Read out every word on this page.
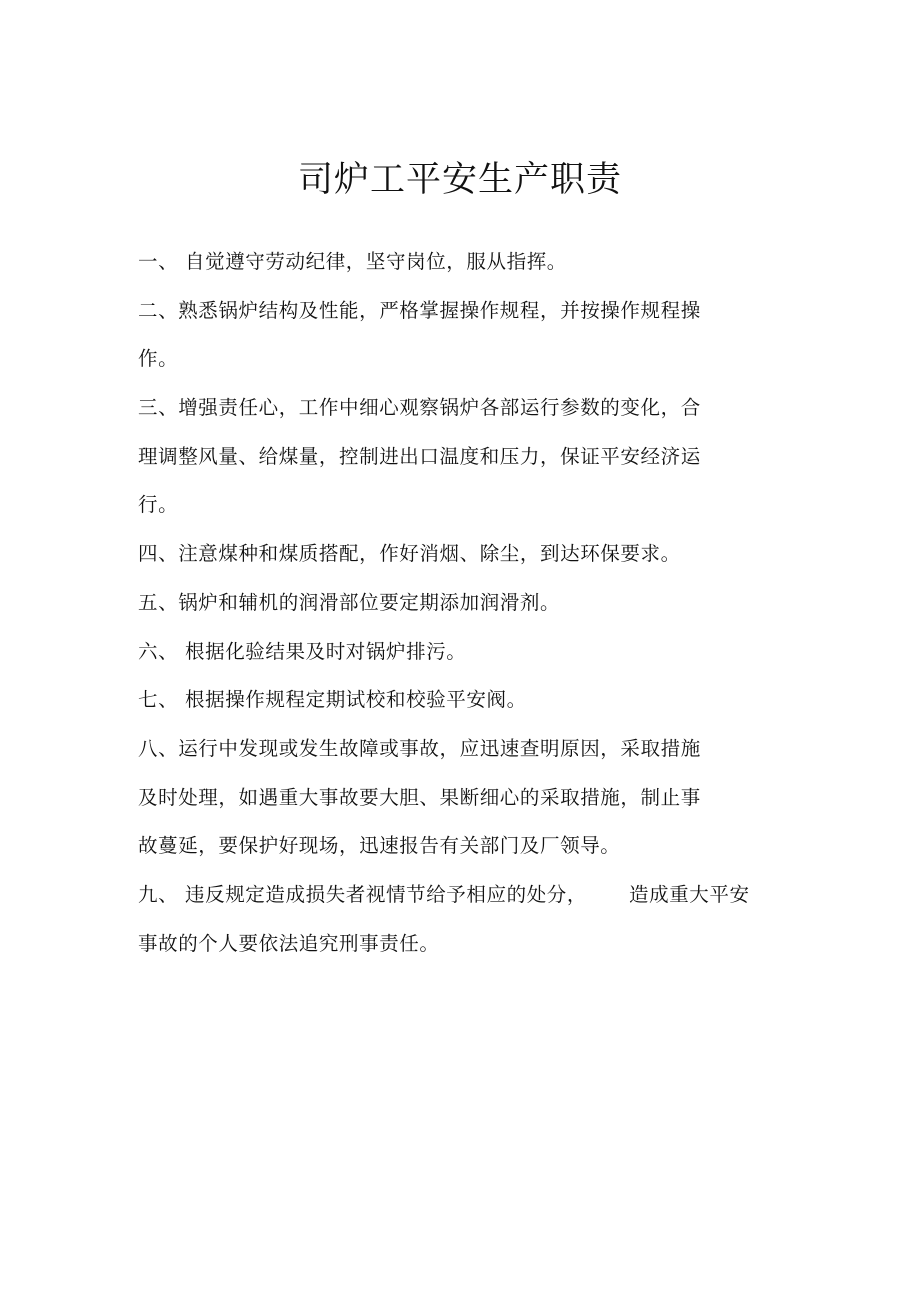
司炉工平安生产职责
一、 自觉遵守劳动纪律，坚守岗位，服从指挥。
二、熟悉锅炉结构及性能，严格掌握操作规程，并按操作规程操
作。
三、增强责任心，工作中细心观察锅炉各部运行参数的变化，合
理调整风量、给煤量，控制进出口温度和压力，保证平安经济运
行。
四、注意煤种和煤质搭配，作好消烟、除尘，到达环保要求。
五、锅炉和辅机的润滑部位要定期添加润滑剂。
六、 根据化验结果及时对锅炉排污。
七、 根据操作规程定期试校和校验平安阀。
八、运行中发现或发生故障或事故，应迅速查明原因，采取措施
及时处理，如遇重大事故要大胆、果断细心的采取措施，制止事
故蔓延，要保护好现场，迅速报告有关部门及厂领导。
九、 违反规定造成损失者视情节给予相应的处分， 造成重大平安
事故的个人要依法追究刑事责任。
